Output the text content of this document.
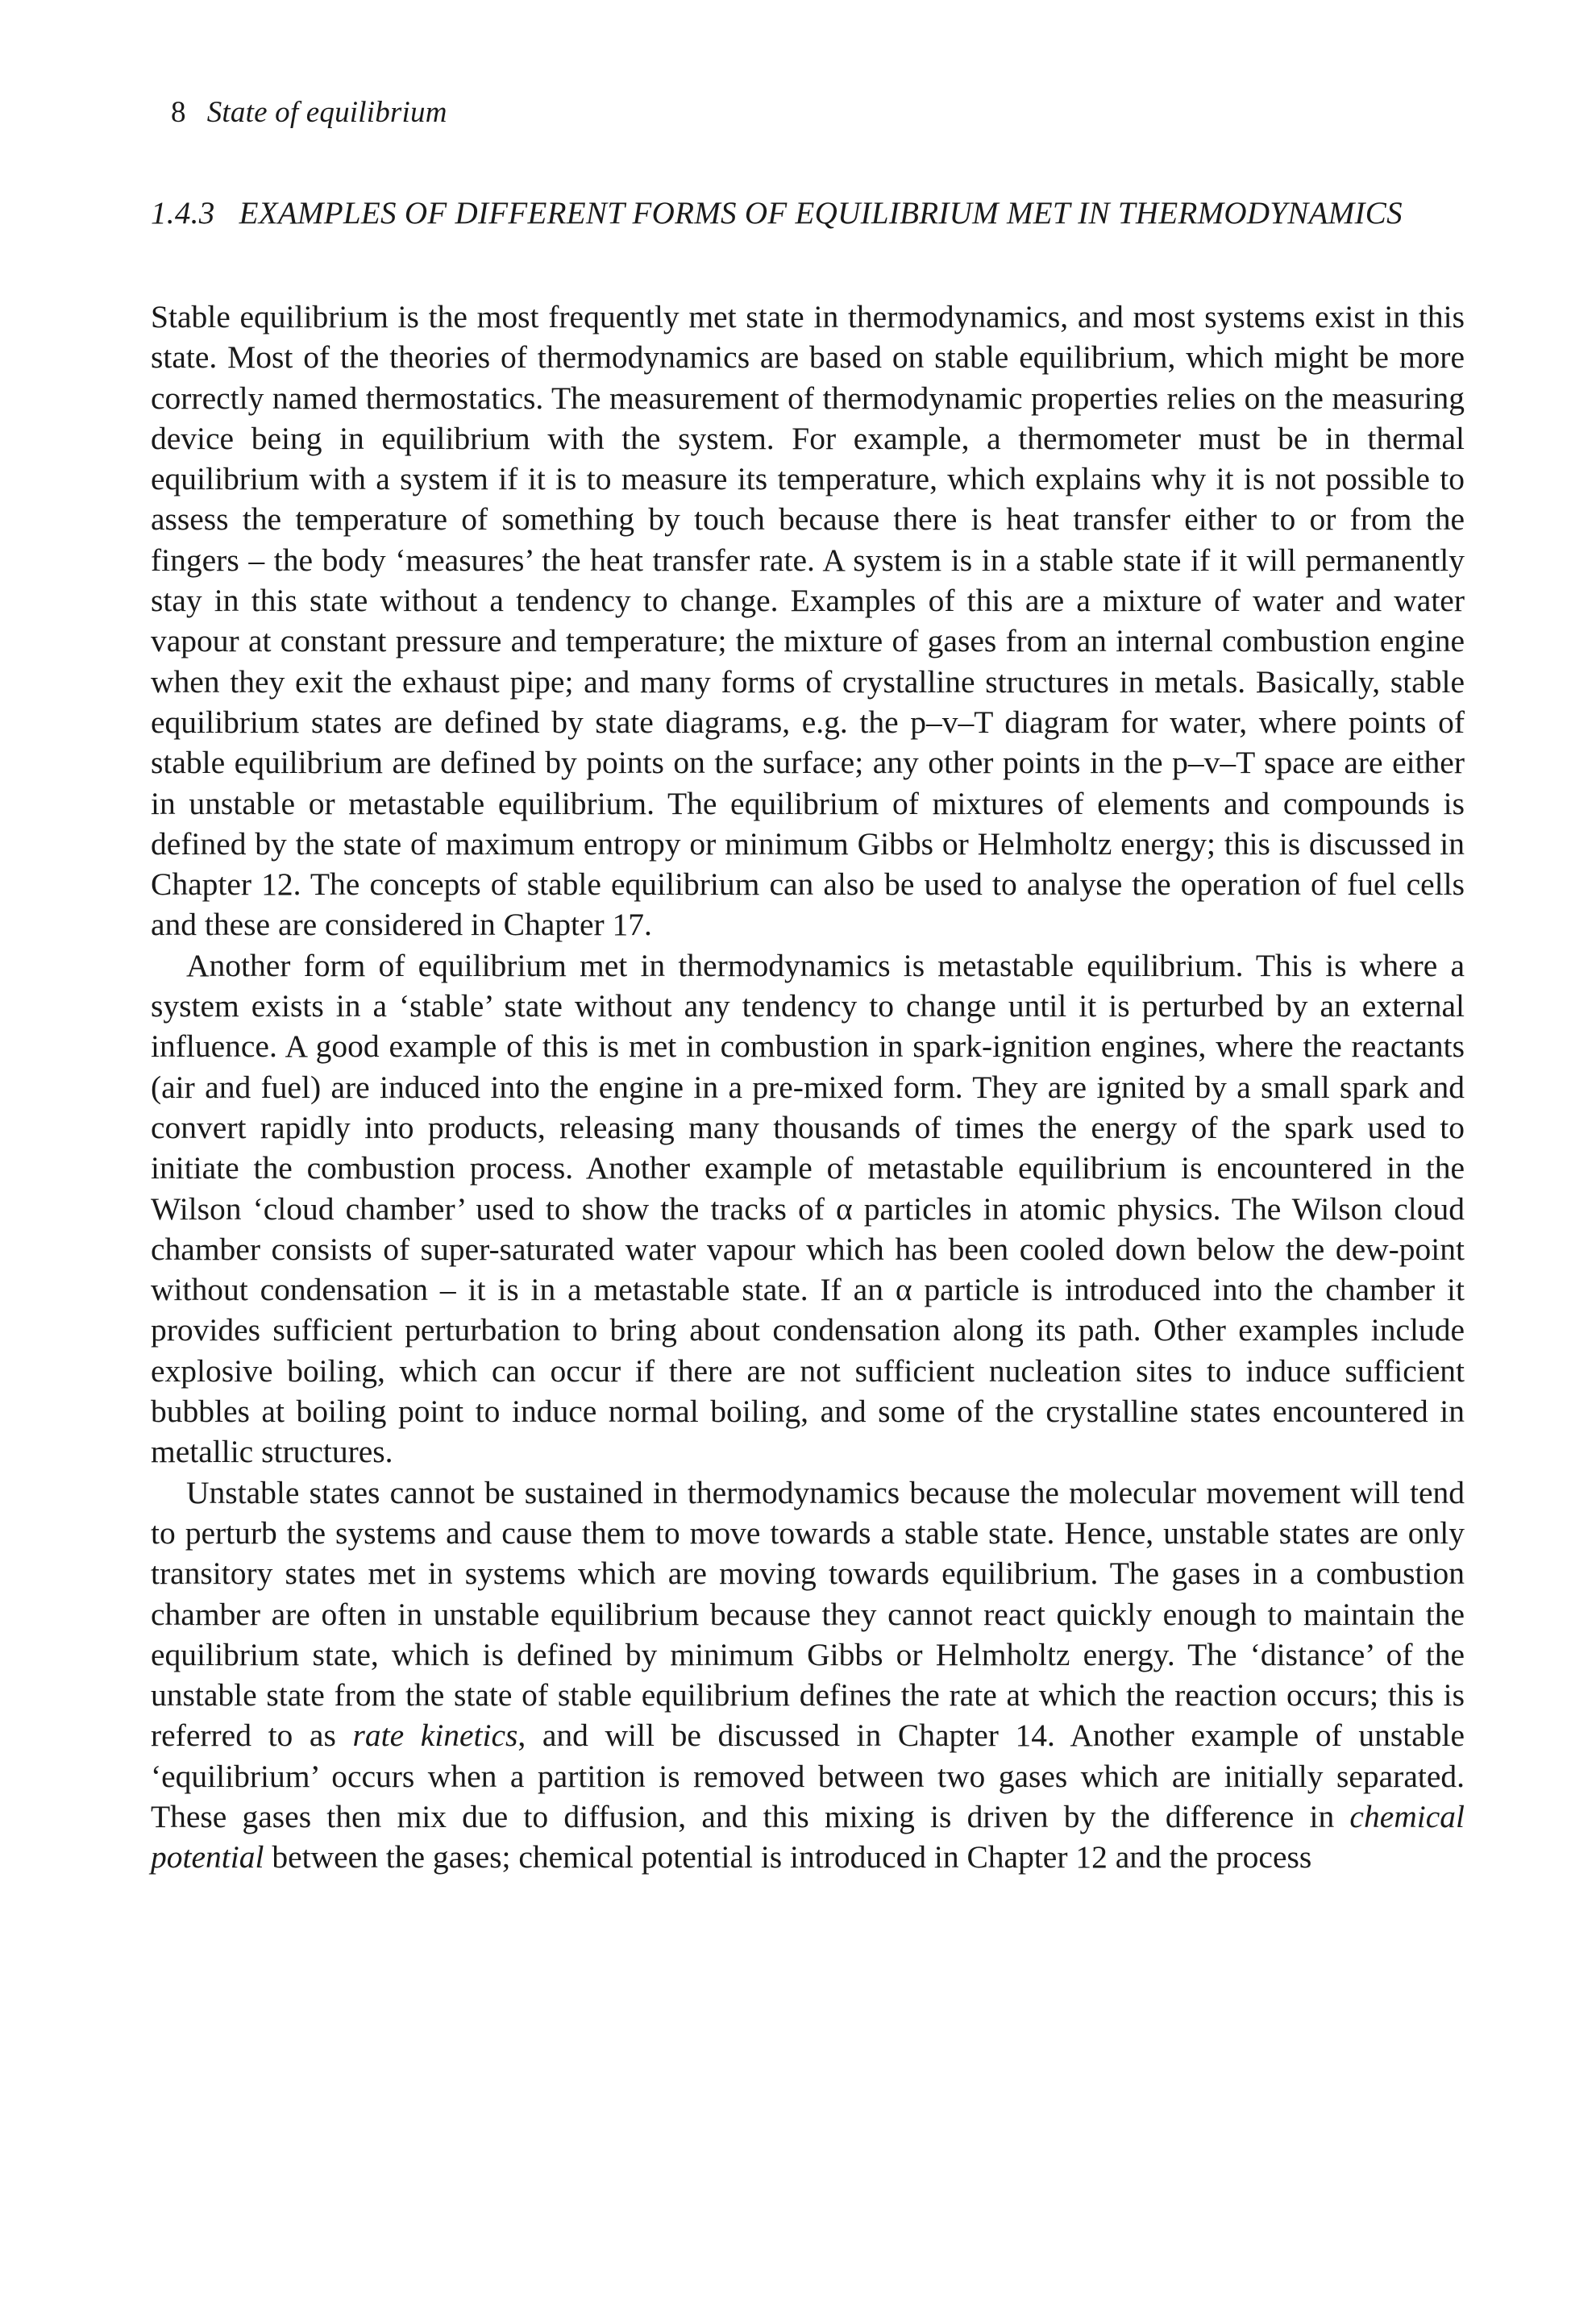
8 State of equilibrium
1.4.3 EXAMPLES OF DIFFERENT FORMS OF EQUILIBRIUM MET IN THERMODYNAMICS

Stable equilibrium is the most frequently met state in thermodynamics, and most systems exist in this state. Most of the theories of thermodynamics are based on stable equilibrium, which might be more correctly named thermostatics. The measurement of thermodynamic properties relies on the measuring device being in equilibrium with the system. For example, a thermometer must be in thermal equilibrium with a system if it is to measure its temperature, which explains why it is not possible to assess the temperature of something by touch because there is heat transfer either to or from the fingers – the body ‘measures’ the heat transfer rate. A system is in a stable state if it will permanently stay in this state without a tendency to change. Examples of this are a mixture of water and water vapour at constant pressure and temperature; the mixture of gases from an internal combustion engine when they exit the exhaust pipe; and many forms of crystalline structures in metals. Basically, stable equilibrium states are defined by state diagrams, e.g. the p–v–T diagram for water, where points of stable equilibrium are defined by points on the surface; any other points in the p–v–T space are either in unstable or metastable equilibrium. The equilibrium of mixtures of elements and compounds is defined by the state of maximum entropy or minimum Gibbs or Helmholtz energy; this is discussed in Chapter 12. The concepts of stable equilibrium can also be used to analyse the operation of fuel cells and these are considered in Chapter 17.

Another form of equilibrium met in thermodynamics is metastable equilibrium. This is where a system exists in a ‘stable’ state without any tendency to change until it is perturbed by an external influence. A good example of this is met in combustion in spark-ignition engines, where the reactants (air and fuel) are induced into the engine in a pre-mixed form. They are ignited by a small spark and convert rapidly into products, releasing many thousands of times the energy of the spark used to initiate the combustion process. Another example of metastable equilibrium is encountered in the Wilson ‘cloud chamber’ used to show the tracks of α particles in atomic physics. The Wilson cloud chamber consists of super-saturated water vapour which has been cooled down below the dew-point without condensation – it is in a metastable state. If an α particle is introduced into the chamber it provides sufficient perturbation to bring about condensation along its path. Other examples include explosive boiling, which can occur if there are not sufficient nucleation sites to induce sufficient bubbles at boiling point to induce normal boiling, and some of the crystalline states encountered in metallic structures.

Unstable states cannot be sustained in thermodynamics because the molecular movement will tend to perturb the systems and cause them to move towards a stable state. Hence, unstable states are only transitory states met in systems which are moving towards equilibrium. The gases in a combustion chamber are often in unstable equilibrium because they cannot react quickly enough to maintain the equilibrium state, which is defined by minimum Gibbs or Helmholtz energy. The ‘distance’ of the unstable state from the state of stable equilibrium defines the rate at which the reaction occurs; this is referred to as rate kinetics, and will be discussed in Chapter 14. Another example of unstable ‘equilibrium’ occurs when a partition is removed between two gases which are initially separated. These gases then mix due to diffusion, and this mixing is driven by the difference in chemical potential between the gases; chemical potential is introduced in Chapter 12 and the process
